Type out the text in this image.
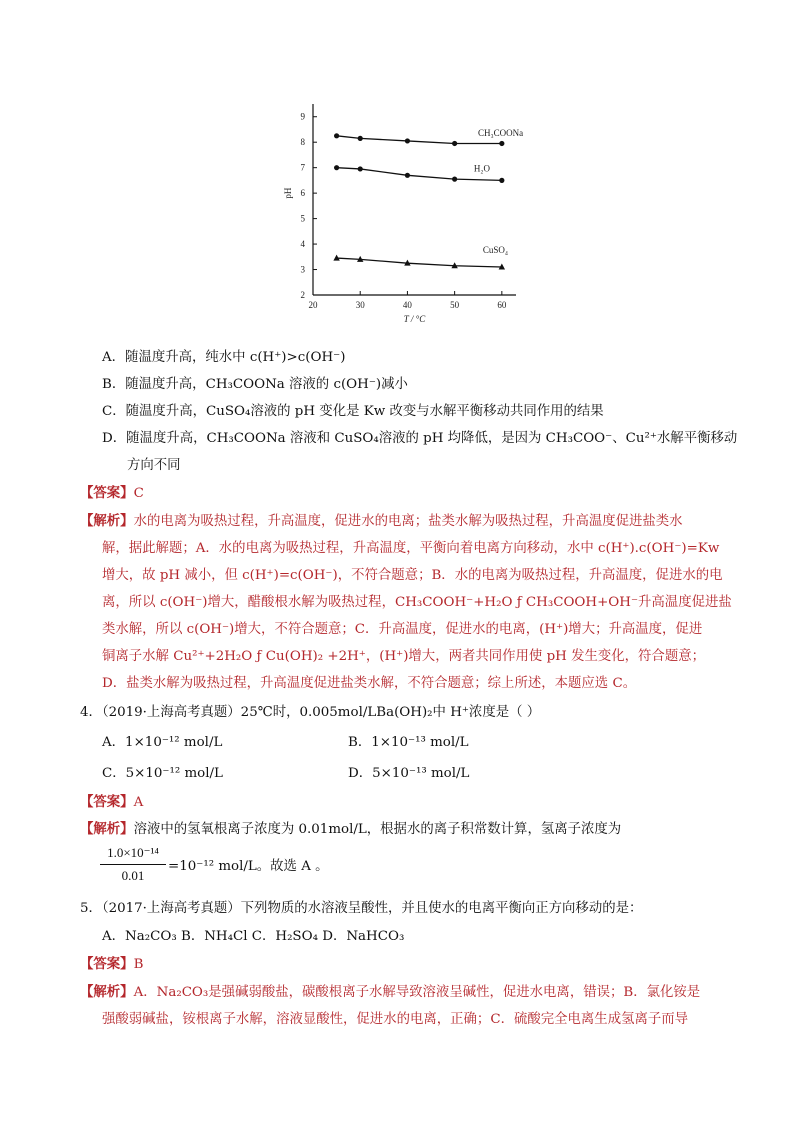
2
3
4
5
6
7
8
9
20	30	40	50	60
pH
T / °C
CH₃COONa
H₂O
CuSO₄
A．随温度升高，纯水中 c(H⁺)>c(OH⁻)
B．随温度升高，CH₃COONa 溶液的 c(OH⁻)减小
C．随温度升高，CuSO₄溶液的 pH 变化是 Kw 改变与水解平衡移动共同作用的结果
D．随温度升高，CH₃COONa 溶液和 CuSO₄溶液的 pH 均降低，是因为 CH₃COO⁻、Cu²⁺水解平衡移动
方向不同
【答案】C
【解析】水的电离为吸热过程，升高温度，促进水的电离；盐类水解为吸热过程，升高温度促进盐类水
解，据此解题；A．水的电离为吸热过程，升高温度，平衡向着电离方向移动，水中 c(H⁺).c(OH⁻)=Kw
增大，故 pH 减小，但 c(H⁺)=c(OH⁻)，不符合题意；B．水的电离为吸热过程，升高温度，促进水的电
离，所以 c(OH⁻)增大，醋酸根水解为吸热过程，CH₃COOH⁻+H₂O ƒ CH₃COOH+OH⁻升高温度促进盐
类水解，所以 c(OH⁻)增大，不符合题意；C．升高温度，促进水的电离，(H⁺)增大；升高温度，促进
铜离子水解 Cu²⁺+2H₂O ƒ Cu(OH)₂ +2H⁺，(H⁺)增大，两者共同作用使 pH 发生变化，符合题意；
D．盐类水解为吸热过程，升高温度促进盐类水解，不符合题意；综上所述，本题应选 C。
4．（2019·上海高考真题）25℃时，0.005mol/LBa(OH)₂中 H⁺浓度是（ ）
A．1×10⁻¹² mol/L	B．1×10⁻¹³ mol/L
C．5×10⁻¹² mol/L	D．5×10⁻¹³ mol/L
【答案】A
【解析】溶液中的氢氧根离子浓度为 0.01mol/L，根据水的离子积常数计算，氢离子浓度为
1.0×10⁻¹⁴
0.01
=10⁻¹² mol/L。故选 A 。
5．（2017·上海高考真题）下列物质的水溶液呈酸性，并且使水的电离平衡向正方向移动的是：
A．Na₂CO₃ B．NH₄Cl C．H₂SO₄ D．NaHCO₃
【答案】B
【解析】A．Na₂CO₃是强碱弱酸盐，碳酸根离子水解导致溶液呈碱性，促进水电离，错误；B．氯化铵是
强酸弱碱盐，铵根离子水解，溶液显酸性，促进水的电离，正确；C．硫酸完全电离生成氢离子而导
